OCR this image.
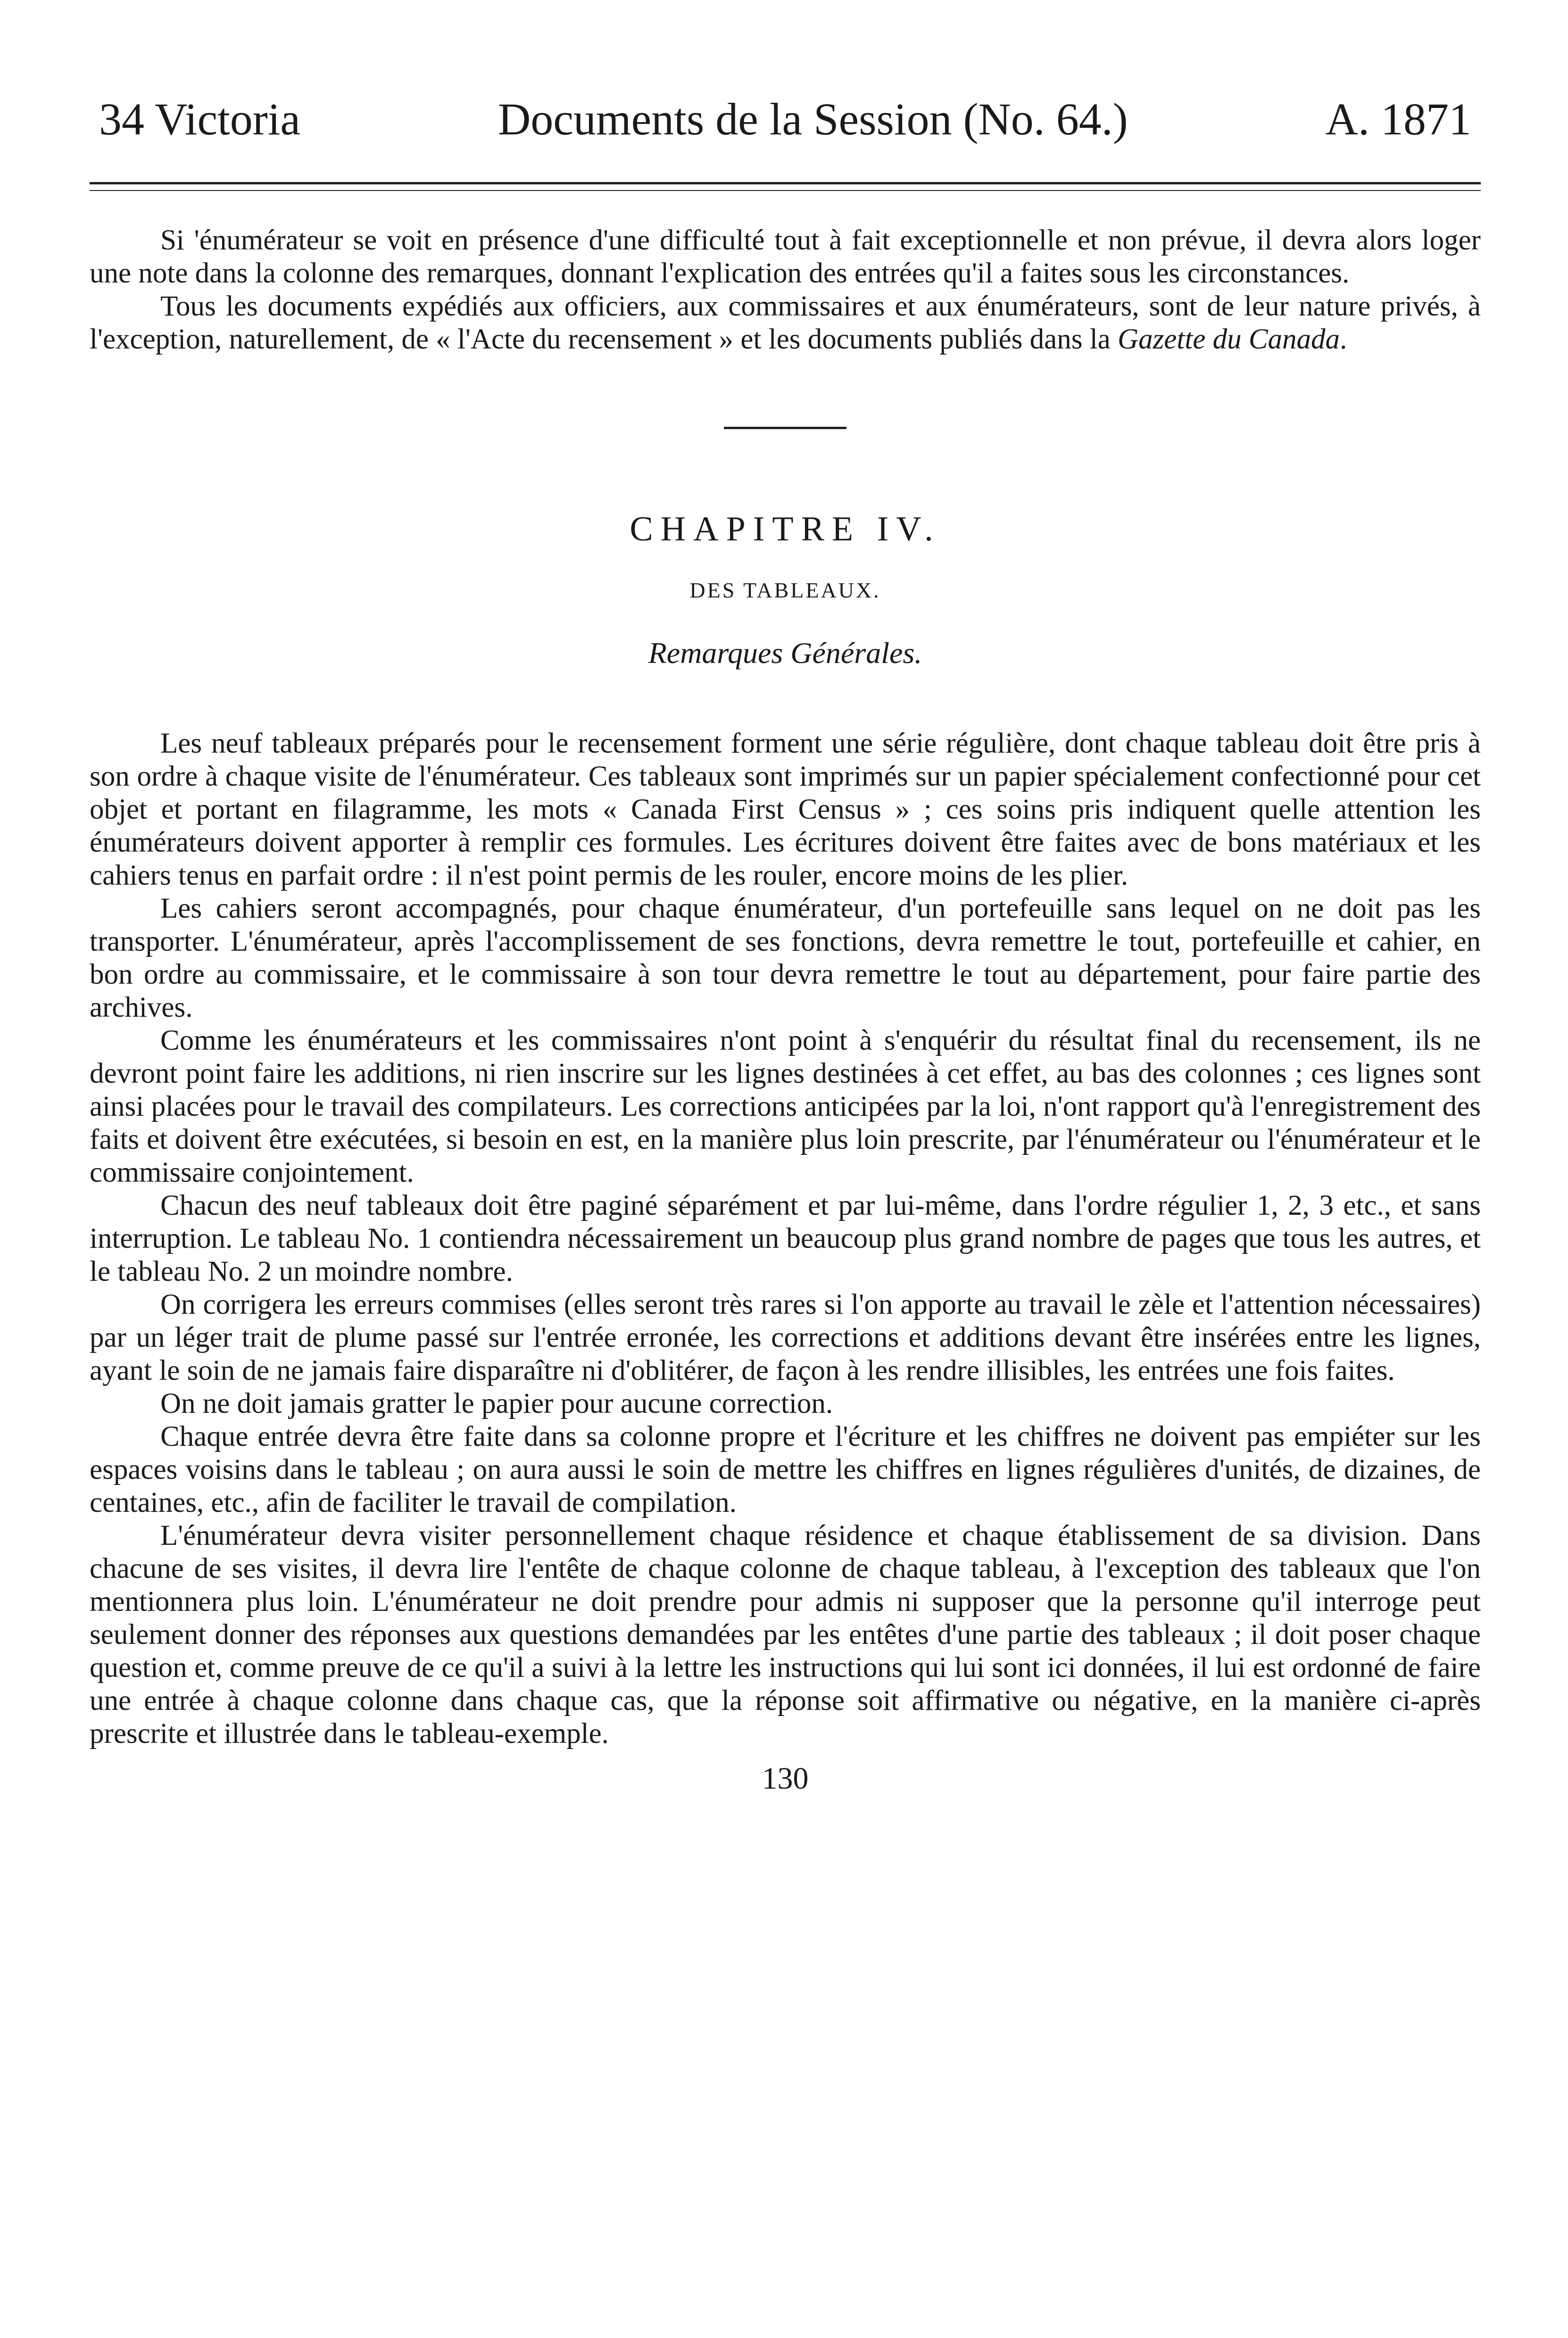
34 Victoria	Documents de la Session (No. 64.)	A. 1871

Si 'énumérateur se voit en présence d'une difficulté tout à fait exceptionnelle et non prévue, il devra alors loger une note dans la colonne des remarques, donnant l'explication des entrées qu'il a faites sous les circonstances.

Tous les documents expédiés aux officiers, aux commissaires et aux énumérateurs, sont de leur nature privés, à l'exception, naturellement, de « l'Acte du recensement » et les documents publiés dans la Gazette du Canada.

CHAPITRE IV.
DES TABLEAUX.
Remarques Générales.

Les neuf tableaux préparés pour le recensement forment une série régulière, dont chaque tableau doit être pris à son ordre à chaque visite de l'énumérateur. Ces tableaux sont imprimés sur un papier spécialement confectionné pour cet objet et portant en filagramme, les mots « Canada First Census » ; ces soins pris indiquent quelle attention les énumérateurs doivent apporter à remplir ces formules. Les écritures doivent être faites avec de bons matériaux et les cahiers tenus en parfait ordre : il n'est point permis de les rouler, encore moins de les plier.

Les cahiers seront accompagnés, pour chaque énumérateur, d'un portefeuille sans lequel on ne doit pas les transporter. L'énumérateur, après l'accomplissement de ses fonctions, devra remettre le tout, portefeuille et cahier, en bon ordre au commissaire, et le commissaire à son tour devra remettre le tout au département, pour faire partie des archives.

Comme les énumérateurs et les commissaires n'ont point à s'enquérir du résultat final du recensement, ils ne devront point faire les additions, ni rien inscrire sur les lignes destinées à cet effet, au bas des colonnes ; ces lignes sont ainsi placées pour le travail des compilateurs. Les corrections anticipées par la loi, n'ont rapport qu'à l'enregistrement des faits et doivent être exécutées, si besoin en est, en la manière plus loin prescrite, par l'énumérateur ou l'énumérateur et le commissaire conjointement.

Chacun des neuf tableaux doit être paginé séparément et par lui-même, dans l'ordre régulier 1, 2, 3 etc., et sans interruption. Le tableau No. 1 contiendra nécessairement un beaucoup plus grand nombre de pages que tous les autres, et le tableau No. 2 un moindre nombre.

On corrigera les erreurs commises (elles seront très rares si l'on apporte au travail le zèle et l'attention nécessaires) par un léger trait de plume passé sur l'entrée erronée, les corrections et additions devant être insérées entre les lignes, ayant le soin de ne jamais faire disparaître ni d'oblitérer, de façon à les rendre illisibles, les entrées une fois faites.

On ne doit jamais gratter le papier pour aucune correction.

Chaque entrée devra être faite dans sa colonne propre et l'écriture et les chiffres ne doivent pas empiéter sur les espaces voisins dans le tableau ; on aura aussi le soin de mettre les chiffres en lignes régulières d'unités, de dizaines, de centaines, etc., afin de faciliter le travail de compilation.

L'énumérateur devra visiter personnellement chaque résidence et chaque établissement de sa division. Dans chacune de ses visites, il devra lire l'entête de chaque colonne de chaque tableau, à l'exception des tableaux que l'on mentionnera plus loin. L'énumérateur ne doit prendre pour admis ni supposer que la personne qu'il interroge peut seulement donner des réponses aux questions demandées par les entêtes d'une partie des tableaux ; il doit poser chaque question et, comme preuve de ce qu'il a suivi à la lettre les instructions qui lui sont ici données, il lui est ordonné de faire une entrée à chaque colonne dans chaque cas, que la réponse soit affirmative ou négative, en la manière ci-après prescrite et illustrée dans le tableau-exemple.

130
